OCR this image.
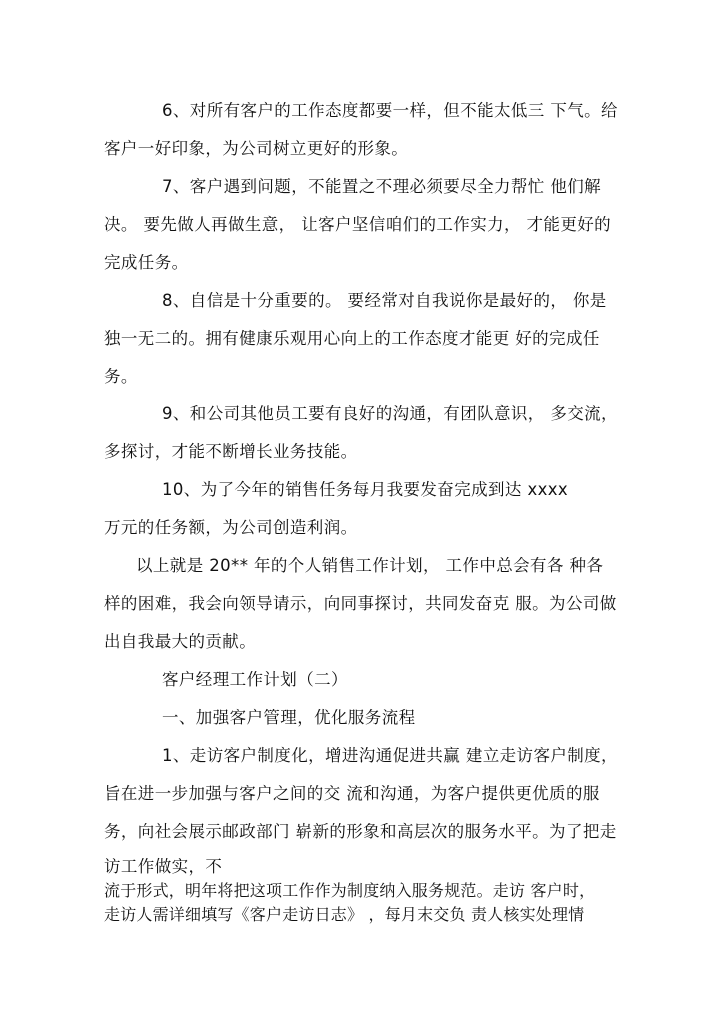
6、对所有客户的工作态度都要一样，但不能太低三 下气。给
客户一好印象，为公司树立更好的形象。
7、客户遇到问题，不能置之不理必须要尽全力帮忙 他们解
决。 要先做人再做生意， 让客户坚信咱们的工作实力， 才能更好的
完成任务。
8、自信是十分重要的。 要经常对自我说你是最好的， 你是
独一无二的。拥有健康乐观用心向上的工作态度才能更 好的完成任
务。
9、和公司其他员工要有良好的沟通，有团队意识， 多交流，
多探讨，才能不断增长业务技能。
10、为了今年的销售任务每月我要发奋完成到达 xxxx
万元的任务额，为公司创造利润。
以上就是 20** 年的个人销售工作计划， 工作中总会有各 种各
样的困难，我会向领导请示，向同事探讨，共同发奋克 服。为公司做
出自我最大的贡献。
客户经理工作计划（二）
一、加强客户管理，优化服务流程
1、走访客户制度化，增进沟通促进共赢 建立走访客户制度，
旨在进一步加强与客户之间的交 流和沟通，为客户提供更优质的服
务，向社会展示邮政部门 崭新的形象和高层次的服务水平。为了把走
访工作做实，不
流于形式，明年将把这项工作作为制度纳入服务规范。走访 客户时，
走访人需详细填写《客户走访日志》 ，每月末交负 责人核实处理情
